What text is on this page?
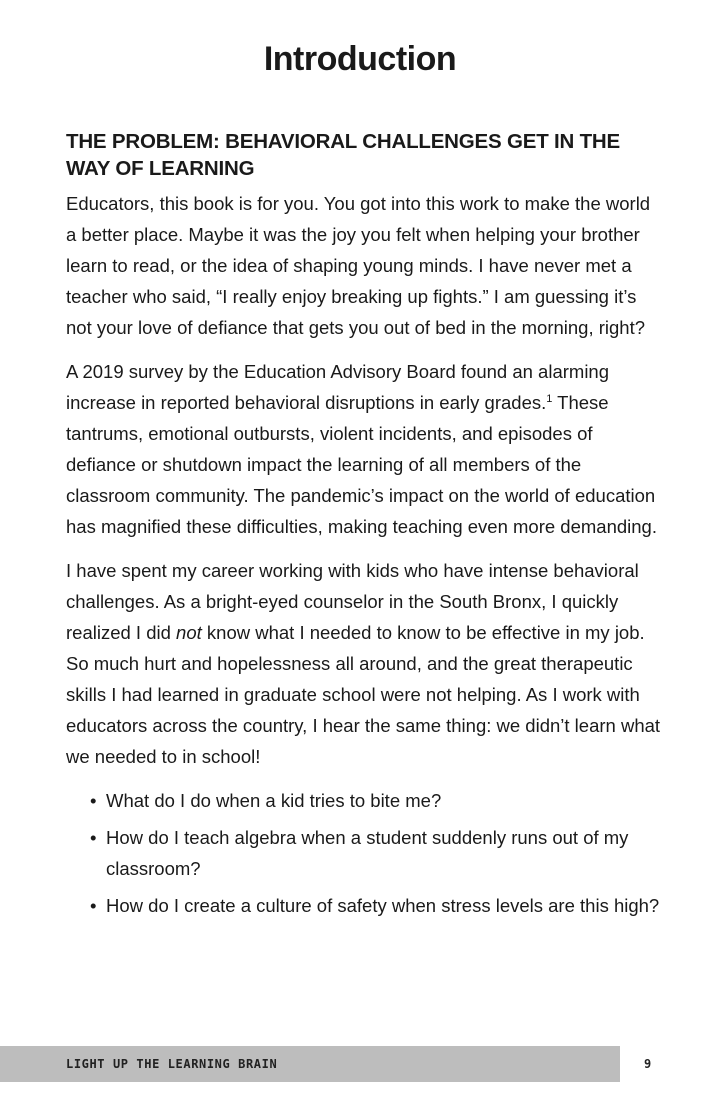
Introduction
THE PROBLEM: BEHAVIORAL CHALLENGES GET IN THE WAY OF LEARNING

Educators, this book is for you. You got into this work to make the world a better place. Maybe it was the joy you felt when helping your brother learn to read, or the idea of shaping young minds. I have never met a teacher who said, “I really enjoy breaking up fights.” I am guessing it’s not your love of defiance that gets you out of bed in the morning, right?

A 2019 survey by the Education Advisory Board found an alarming increase in reported behavioral disruptions in early grades.$^1$ These tantrums, emotional outbursts, violent incidents, and episodes of defiance or shutdown impact the learning of all members of the classroom community. The pandemic’s impact on the world of education has magnified these difficulties, making teaching even more demanding.

I have spent my career working with kids who have intense behavioral challenges. As a bright-eyed counselor in the South Bronx, I quickly realized I did not know what I needed to know to be effective in my job. So much hurt and hopelessness all around, and the great therapeutic skills I had learned in graduate school were not helping. As I work with educators across the country, I hear the same thing: we didn’t learn what we needed to in school!

• What do I do when a kid tries to bite me?
• How do I teach algebra when a student suddenly runs out of my classroom?
• How do I create a culture of safety when stress levels are this high?
LIGHT UP THE LEARNING BRAIN	9
